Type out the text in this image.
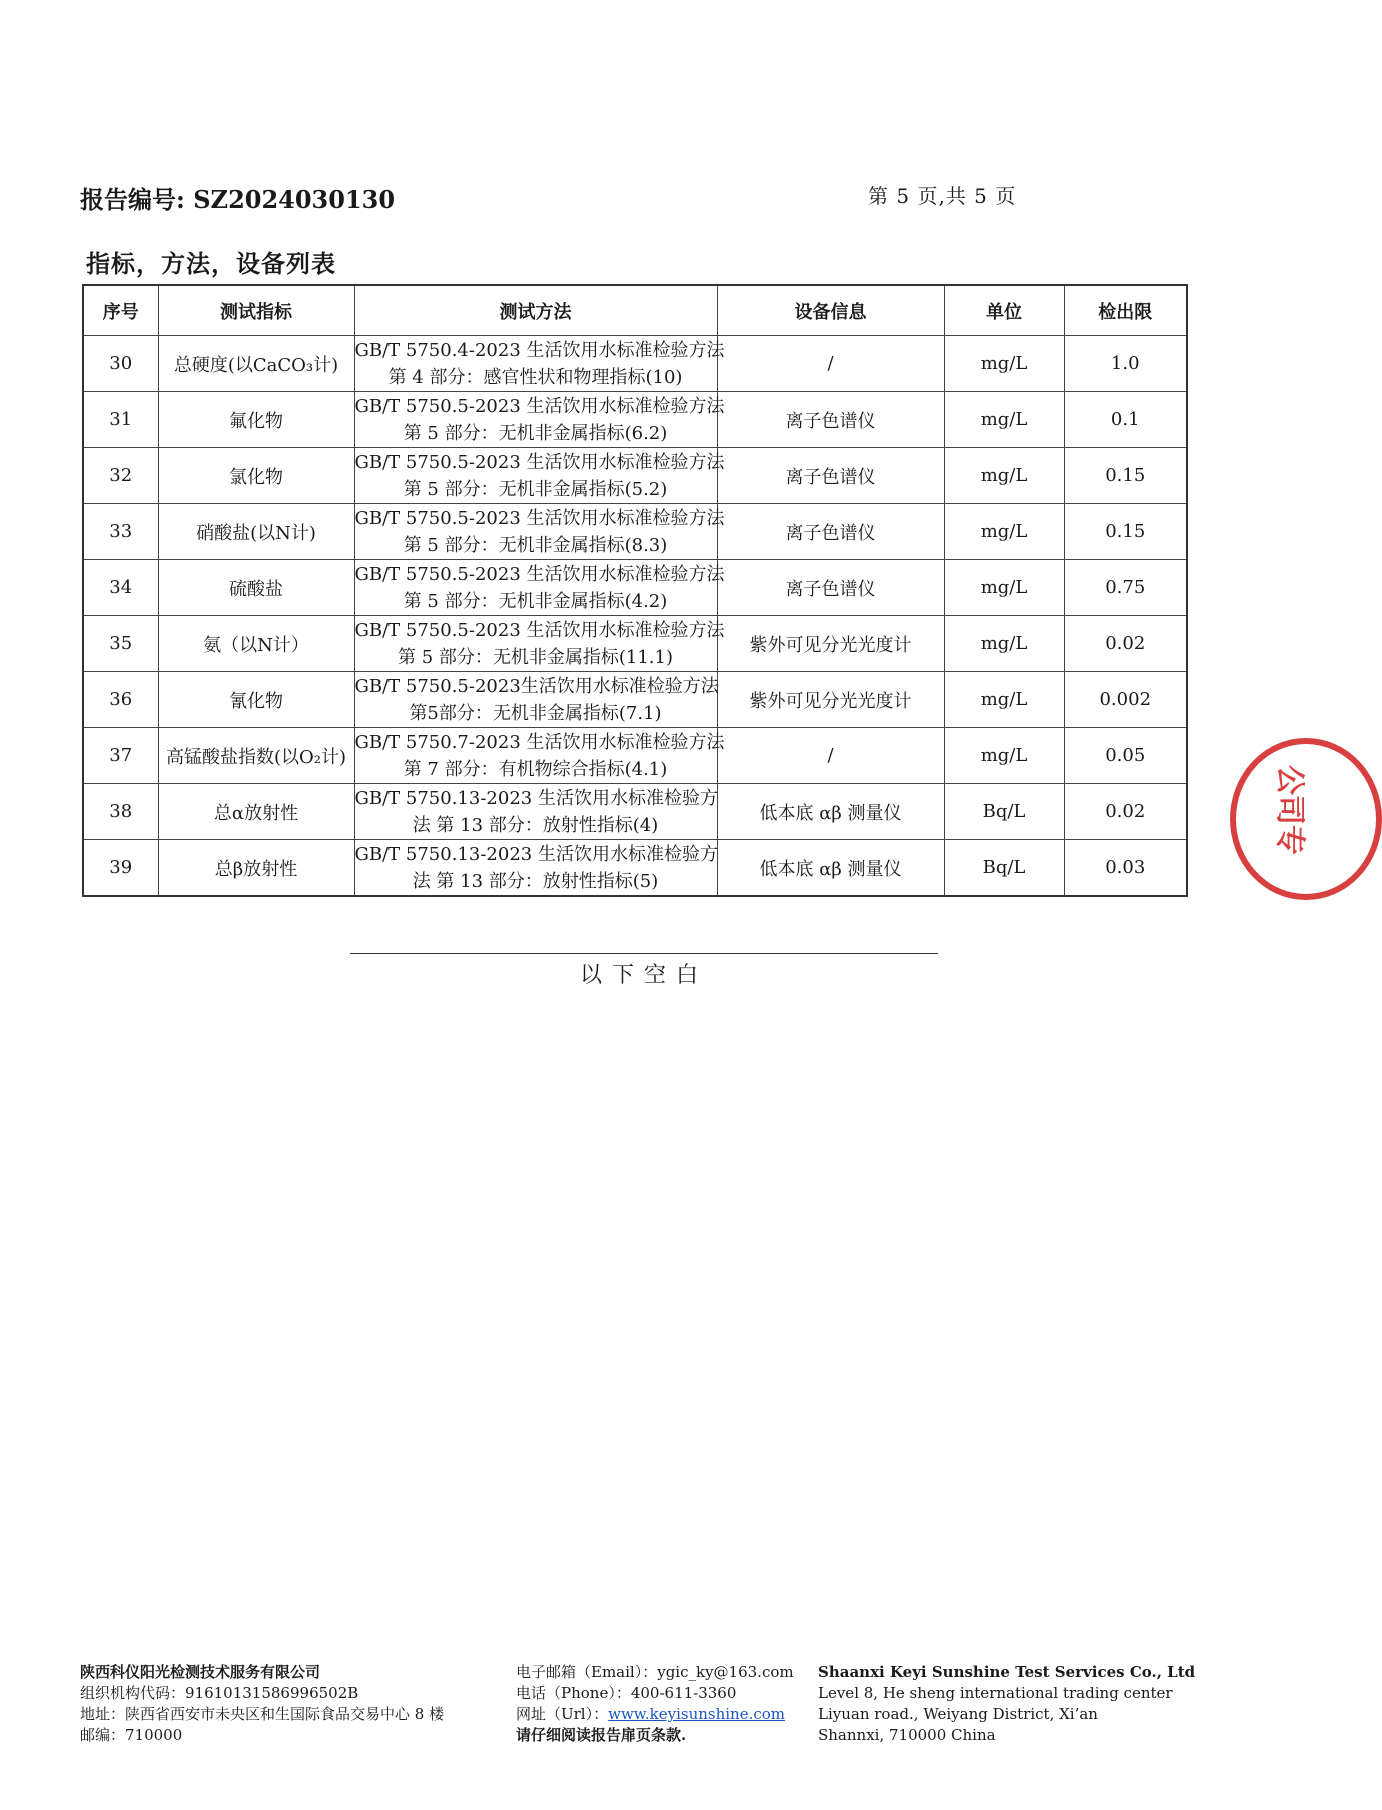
报告编号: SZ2024030130	第 5 页,共 5 页
指标，方法，设备列表
序号	测试指标	测试方法	设备信息	单位	检出限
30	总硬度(以CaCO₃计)	GB/T 5750.4-2023 生活饮用水标准检验方法
第 4 部分：感官性状和物理指标(10)	/	mg/L	1.0
31	氟化物	GB/T 5750.5-2023 生活饮用水标准检验方法
第 5 部分：无机非金属指标(6.2)	离子色谱仪	mg/L	0.1
32	氯化物	GB/T 5750.5-2023 生活饮用水标准检验方法
第 5 部分：无机非金属指标(5.2)	离子色谱仪	mg/L	0.15
33	硝酸盐(以N计)	GB/T 5750.5-2023 生活饮用水标准检验方法
第 5 部分：无机非金属指标(8.3)	离子色谱仪	mg/L	0.15
34	硫酸盐	GB/T 5750.5-2023 生活饮用水标准检验方法
第 5 部分：无机非金属指标(4.2)	离子色谱仪	mg/L	0.75
35	氨（以N计）	GB/T 5750.5-2023 生活饮用水标准检验方法
第 5 部分：无机非金属指标(11.1)	紫外可见分光光度计	mg/L	0.02
36	氰化物	GB/T 5750.5-2023生活饮用水标准检验方法
第5部分：无机非金属指标(7.1)	紫外可见分光光度计	mg/L	0.002
37	高锰酸盐指数(以O₂计)	GB/T 5750.7-2023 生活饮用水标准检验方法
第 7 部分：有机物综合指标(4.1)	/	mg/L	0.05
38	总α放射性	GB/T 5750.13-2023 生活饮用水标准检验方
法 第 13 部分：放射性指标(4)	低本底 αβ 测量仪	Bq/L	0.02
39	总β放射性	GB/T 5750.13-2023 生活饮用水标准检验方
法 第 13 部分：放射性指标(5)	低本底 αβ 测量仪	Bq/L	0.03
公司专
以下空白
陕西科仪阳光检测技术服务有限公司
组织机构代码：91610131586996502B
地址：陕西省西安市未央区和生国际食品交易中心 8 楼
邮编：710000
电子邮箱（Email）：ygic_ky@163.com
电话（Phone）：400-611-3360
网址（Url）：www.keyisunshine.com
请仔细阅读报告扉页条款.
Shaanxi Keyi Sunshine Test Services Co., Ltd
Level 8, He sheng international trading center
Liyuan road., Weiyang District, Xi’an
Shannxi, 710000 China
